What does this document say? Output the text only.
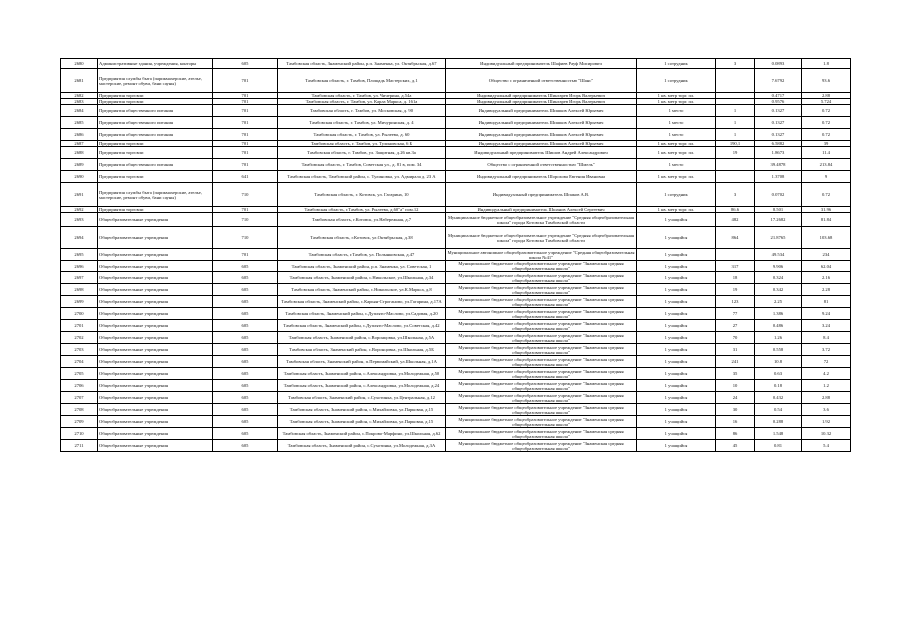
2680	Административные здания, учреждения, конторы	605	Тамбовская область, Знаменский район, р.п. Знаменка, ул. Октябрьская, д.67	Индивидуальный предприниматель Шафиев Рауф Мисирович	1 сотрудник	3	0.0893	1.8
2681	Предприятия службы быта (парикмахерские, ателье, мастерские, ремонт обуви, бани сауны)	701	Тамбовская область, г. Тамбов, Площадь Мастерских, д.1	Общество с ограниченной ответственностью "Шанс"	1 сотрудник		7.6792	93.6
2682	Предприятия торговли	701	Тамбовская область, г. Тамбов, ул. Чичерина, д.54а	Индивидуальный предприниматель Шингарев Игорь Валерьевич	1 кв. метр торг. пл.		0.4717	2.88
2683	Предприятия торговли	701	Тамбовская область, г. Тамбов, ул. Карла Маркса, д. 161а	Индивидуальный предприниматель Шингарев Игорь Валерьевич	1 кв. метр торг. пл.		0.9576	5.724
2684	Предприятия общественного питания	701	Тамбовская область, г. Тамбов, ул. Московская, д. 90	Индивидуальный предприниматель Шишков Алексей Юрьевич	1 место	1	0.1327	0.72
2685	Предприятия общественного питания	701	Тамбовская область, г. Тамбов, ул. Мичуринская, д. 4	Индивидуальный предприниматель Шишков Алексей Юрьевич	1 место	1	0.1327	0.72
2686	Предприятия общественного питания	701	Тамбовская область, г. Тамбов, ул. Рылеева, д. 60	Индивидуальный предприниматель Шишков Алексей Юрьевич	1 место	1	0.1327	0.72
2687	Предприятия торговли	701	Тамбовская область, г. Тамбов, ул. Тулиновская, 6 Б	Индивидуальный предприниматель Шишков Алексей Юрьевич	1 кв. метр торг. пл.	190,1	6.5882	39
2688	Предприятия торговли	701	Тамбовская область, г. Тамбов, ул. Защитная, д.26 кв.3а	Индивидуальный предприниматель Шишов Андрей Александрович	1 кв. метр торг. пл.	19	1.8673	11.4
2689	Предприятия общественного питания	701	Тамбовская область, г. Тамбов, Советская ул., д. 81 в, пом. 34	Общество с ограниченной ответственностью "Шмель"	1 место		39.4878	213.84
2690	Предприятия торговли	641	Тамбовская область, Тамбовский район, с. Тулиновка, ул. Адмирала д. 23 А	Индивидуальный предприниматель Шорохова Евгения Ивановна	1 кв. метр торг. пл.		1.3708	9
2691	Предприятия службы быта (парикмахерские, ателье, мастерские, ремонт обуви, бани сауны)	710	Тамбовская область, г. Котовск, ул. Гагарина, 10	Индивидуальный предприниматель Шпаков А.В.	1 сотрудник	3	0.0702	0.72
2692	Предприятия торговли	701	Тамбовская область, г.Тамбов, ул. Рылеева, д.60"а" пом.12	Индивидуальный предприниматель Шшанов Алексей Сергеевич	1 кв. метр торг. пл.	86.6	8.501	31.96
2693	Общеобразовательные учреждения	710	Тамбовская область, г.Котовск, ул.Набережная, д.7	Муниципальное бюджетное общеобразовательное учреждение "Средняя общеобразовательная школа" города Котовска Тамбовской области	1 учащийся	482	17.2682	81.84
2694	Общеобразовательные учреждения	710	Тамбовская область, г.Котовск, ул.Октябрьская, д.38	Муниципальное бюджетное общеобразовательное учреждение "Средняя общеобразовательная школа" города Котовска Тамбовской области	1 учащийся	864	21.8765	103.68
2695	Общеобразовательные учреждения	701	Тамбовская область, г.Тамбов, ул. Полынковская, д.47	Муниципальное автономное общеобразовательное учреждение "Средняя общеобразовательная школа №41"	1 учащийся		49.534	234
2696	Общеобразовательные учреждения	605	Тамбовская область, Знаменский район, р.п. Знаменка, ул. Советская, 1	Муниципальное бюджетное общеобразовательное учреждение "Знаменская средняя общеобразовательная школа"	1 учащийся	317	9.906	62.04
2697	Общеобразовательные учреждения	605	Тамбовская область, Знаменский район, с.Никольское, ул.Школьная, д.34	Муниципальное бюджетное общеобразовательное учреждение "Знаменская средняя общеобразовательная школа"	1 учащийся	18	0.324	2.16
2698	Общеобразовательные учреждения	605	Тамбовская область, Знаменский район, с.Никольское, ул.К.Маркса, д.8	Муниципальное бюджетное общеобразовательное учреждение "Знаменская средняя общеобразовательная школа"	1 учащийся	19	0.342	2.28
2699	Общеобразовательные учреждения	605	Тамбовская область, Знаменский район, с.Карьян-Строганово, ул.Гагарина, д.17А	Муниципальное бюджетное общеобразовательное учреждение "Знаменская средняя общеобразовательная школа"	1 учащийся	123	2.25	81
2700	Общеобразовательные учреждения	605	Тамбовская область, Знаменский район, с.Дуплято-Маслово, ул.Садовая, д.20	Муниципальное бюджетное общеобразовательное учреждение "Знаменская средняя общеобразовательная школа"	1 учащийся	77	1.386	9.24
2701	Общеобразовательные учреждения	605	Тамбовская область, Знаменский район, с.Дуплято-Маслово, ул.Советская, д.42	Муниципальное бюджетное общеобразовательное учреждение "Знаменская средняя общеобразовательная школа"	1 учащийся	27	0.486	3.24
2702	Общеобразовательные учреждения	605	Тамбовская область, Знаменский район, с.Воронцовка, ул.Школьная, д.5А	Муниципальное бюджетное общеобразовательное учреждение "Знаменская средняя общеобразовательная школа"	1 учащийся	70	1.26	8.4
2703	Общеобразовательные учреждения	605	Тамбовская область, Знаменский район, с.Воронцовка, ул.Школьная, д.5Б	Муниципальное бюджетное общеобразовательное учреждение "Знаменская средняя общеобразовательная школа"	1 учащийся	31	0.558	3.72
2704	Общеобразовательные учреждения	605	Тамбовская область, Знаменский район, п.Первомайский, ул.Школьная, д.1А	Муниципальное бюджетное общеобразовательное учреждение "Знаменская средняя общеобразовательная школа"	1 учащийся	241	10.8	72
2705	Общеобразовательные учреждения	605	Тамбовская область, Знаменский район, с.Александровка, ул.Молодежная, д.50	Муниципальное бюджетное общеобразовательное учреждение "Знаменская средняя общеобразовательная школа"	1 учащийся	35	0.63	4.2
2706	Общеобразовательные учреждения	605	Тамбовская область, Знаменский район, с.Александровка, ул.Молодежная, д.24	Муниципальное бюджетное общеобразовательное учреждение "Знаменская средняя общеобразовательная школа"	1 учащийся	10	0.18	1.2
2707	Общеобразовательные учреждения	605	Тамбовская область, Знаменский район, с.Сухотинка, ул.Центральная, д.12	Муниципальное бюджетное общеобразовательное учреждение "Знаменская средняя общеобразовательная школа"	1 учащийся	24	0.432	2.88
2708	Общеобразовательные учреждения	605	Тамбовская область, Знаменский район, с.Михайловка, ул.Парковая, д.15	Муниципальное бюджетное общеобразовательное учреждение "Знаменская средняя общеобразовательная школа"	1 учащийся	30	0.54	3.6
2709	Общеобразовательные учреждения	605	Тамбовская область, Знаменский район, с.Михайловка, ул.Парковая, д.15	Муниципальное бюджетное общеобразовательное учреждение "Знаменская средняя общеобразовательная школа"	1 учащийся	16	0.288	1.92
2710	Общеобразовательные учреждения	605	Тамбовская область, Знаменский район, с.Покрово-Марфино, ул.Школьная, д.62	Муниципальное бюджетное общеобразовательное учреждение "Знаменская средняя общеобразовательная школа"	1 учащийся	86	1.548	10.32
2711	Общеобразовательные учреждения	605	Тамбовская область, Знаменский район, с.Сухотинка, ул.Молодежная, д.3А	Муниципальное бюджетное общеобразовательное учреждение "Знаменская средняя общеобразовательная школа"	1 учащийся	45	0.81	5.4
